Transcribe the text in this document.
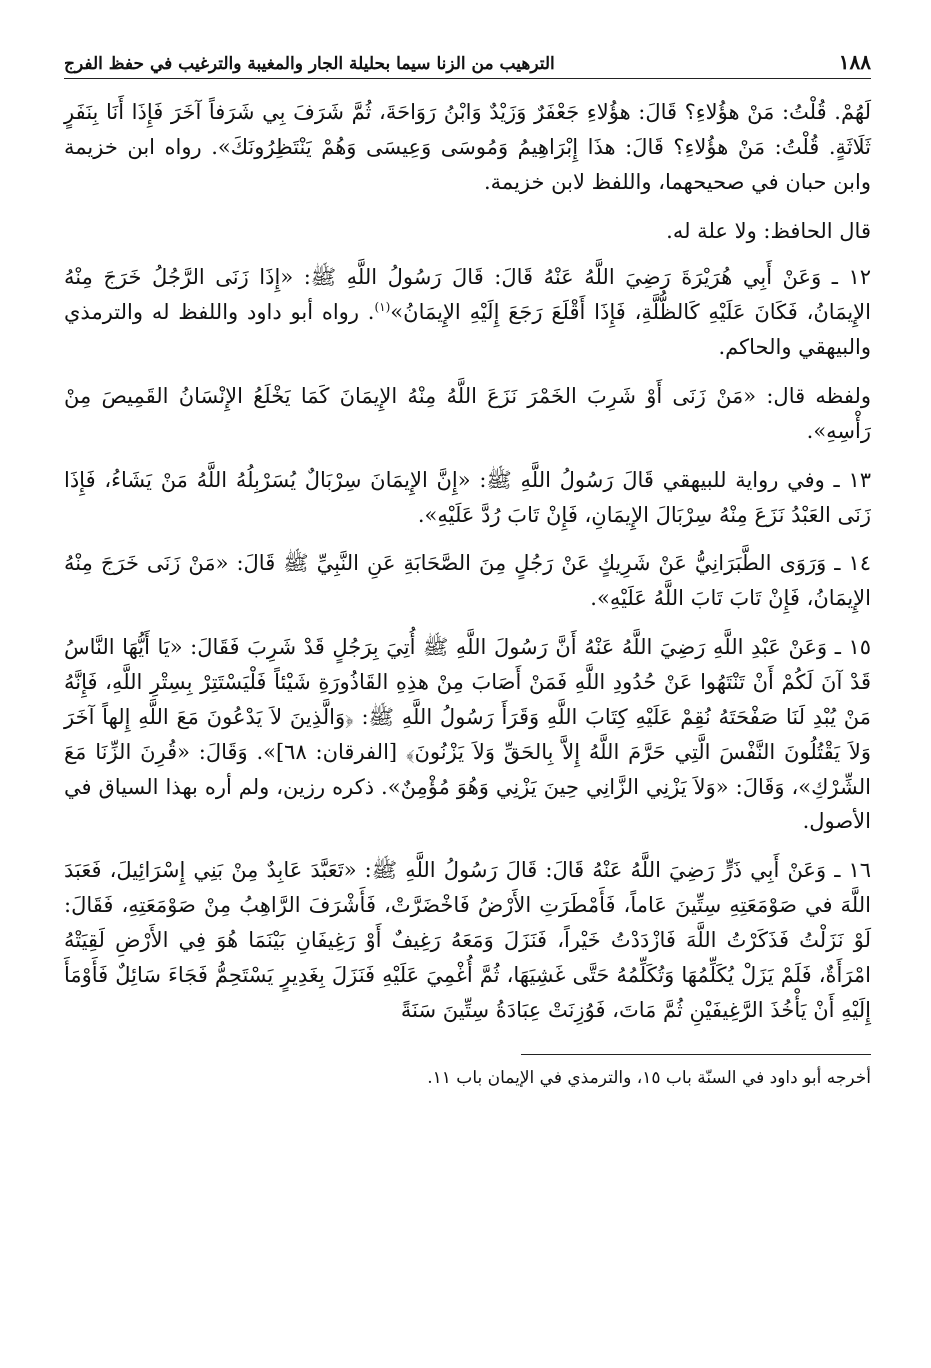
١٨٨
الترهيب من الزنا سيما بحليلة الجار والمغيبة والترغيب في حفظ الفرج

لَهُمْ. قُلْتُ: مَنْ هؤُلاءِ؟ قَالَ: هؤُلاءِ جَعْفَرٌ وَزَيْدٌ وَابْنُ رَوَاحَةَ، ثُمَّ شَرَفَ بِي شَرَفاً آخَرَ فَإِذَا أَنَا بِنَفَرٍ ثَلَاثَةٍ. قُلْتُ: مَنْ هؤُلاءِ؟ قَالَ: هذَا إِبْرَاهِيمُ وَمُوسَى وَعِيسَى وَهُمْ يَنْتَظِرُونَكَ». رواه ابن خزيمة وابن حبان في صحيحهما، واللفظ لابن خزيمة.

قال الحافظ: ولا علة له.

١٢ ـ وَعَنْ أَبِي هُرَيْرَةَ رَضِيَ اللَّهُ عَنْهُ قَالَ: قَالَ رَسُولُ اللَّهِ ﷺ: «إِذَا زَنَى الرَّجُلُ خَرَجَ مِنْهُ الإِيمَانُ، فَكَانَ عَلَيْهِ كَالظُّلَّةِ، فَإِذَا أَقْلَعَ رَجَعَ إِلَيْهِ الإِيمَانُ»$^{(١)}$. رواه أبو داود واللفظ له والترمذي والبيهقي والحاكم.

ولفظه قال: «مَنْ زَنَى أَوْ شَرِبَ الخَمْرَ نَزَعَ اللَّهُ مِنْهُ الإِيمَانَ كَمَا يَخْلَعُ الإِنْسَانُ القَمِيصَ مِنْ رَأْسِهِ».

١٣ ـ وفي رواية للبيهقي قَالَ رَسُولُ اللَّهِ ﷺ: «إِنَّ الإِيمَانَ سِرْبَالٌ يُسَرْبِلُهُ اللَّهُ مَنْ يَشَاءُ، فَإِذَا زَنَى العَبْدُ نَزَعَ مِنْهُ سِرْبَالَ الإِيمَانِ، فَإِنْ تَابَ رُدَّ عَلَيْهِ».

١٤ ـ وَرَوَى الطَّبَرَانِيُّ عَنْ شَرِيكٍ عَنْ رَجُلٍ مِنَ الصَّحَابَةِ عَنِ النَّبِيِّ ﷺ قَالَ: «مَنْ زَنَى خَرَجَ مِنْهُ الإِيمَانُ، فَإِنْ تَابَ تَابَ اللَّهُ عَلَيْهِ».

١٥ ـ وَعَنْ عَبْدِ اللَّهِ رَضِيَ اللَّهُ عَنْهُ أَنَّ رَسُولَ اللَّهِ ﷺ أُتِيَ بِرَجُلٍ قَدْ شَرِبَ فَقَالَ: «يَا أَيُّهَا النَّاسُ قَدْ آنَ لَكُمْ أَنْ تَنْتَهُوا عَنْ حُدُودِ اللَّهِ فَمَنْ أَصَابَ مِنْ هذِهِ القَاذُورَةِ شَيْئاً فَلْيَسْتَتِرْ بِسِتْرِ اللَّهِ، فَإِنَّهُ مَنْ يُبْدِ لَنَا صَفْحَتَهُ نُقِمْ عَلَيْهِ كِتَابَ اللَّهِ وَقَرَأَ رَسُولُ اللَّهِ ﷺ: ﴿وَالَّذِينَ لاَ يَدْعُونَ مَعَ اللَّهِ إِلهاً آخَرَ وَلاَ يَقْتُلُونَ النَّفْسَ الَّتِي حَرَّمَ اللَّهُ إِلاَّ بِالحَقِّ وَلاَ يَزْنُونَ﴾ [الفرقان: ٦٨]». وَقَالَ: «قُرِنَ الزِّنَا مَعَ الشِّرْكِ»، وَقَالَ: «وَلاَ يَزْنِي الزَّانِي حِينَ يَزْنِي وَهُوَ مُؤْمِنٌ». ذكره رزين، ولم أره بهذا السياق في الأصول.

١٦ ـ وَعَنْ أَبِي ذَرٍّ رَضِيَ اللَّهُ عَنْهُ قَالَ: قَالَ رَسُولُ اللَّهِ ﷺ: «تَعَبَّدَ عَابِدٌ مِنْ بَنِي إِسْرَائِيلَ، فَعَبَدَ اللَّهَ في صَوْمَعَتِهِ سِتِّينَ عَاماً، فَأَمْطَرَتِ الأَرْضُ فَاخْضَرَّتْ، فَأَشْرَفَ الرَّاهِبُ مِنْ صَوْمَعَتِهِ، فَقَالَ: لَوْ نَزَلْتُ فَذَكَرْتُ اللَّهَ فَازْدَدْتُ خَيْراً، فَنَزَلَ وَمَعَهُ رَغِيفٌ أَوْ رَغِيفَانِ بَيْنَمَا هُوَ فِي الأَرْضِ لَقِيَتْهُ امْرَأَةٌ، فَلَمْ يَزَلْ يُكَلِّمُهَا وَتُكَلِّمُهُ حَتَّى غَشِيَهَا، ثُمَّ أُغْمِيَ عَلَيْهِ فَنَزَلَ بِغَدِيرٍ يَسْتَحِمُّ فَجَاءَ سَائِلٌ فَأَوْمَأَ إِلَيْهِ أَنْ يَأْخُذَ الرَّغِيفَيْنِ ثُمَّ مَاتَ، فَوُزِنَتْ عِبَادَةُ سِتِّينَ سَنَةً

أخرجه أبو داود في السنّة باب ١٥، والترمذي في الإيمان باب ١١.
